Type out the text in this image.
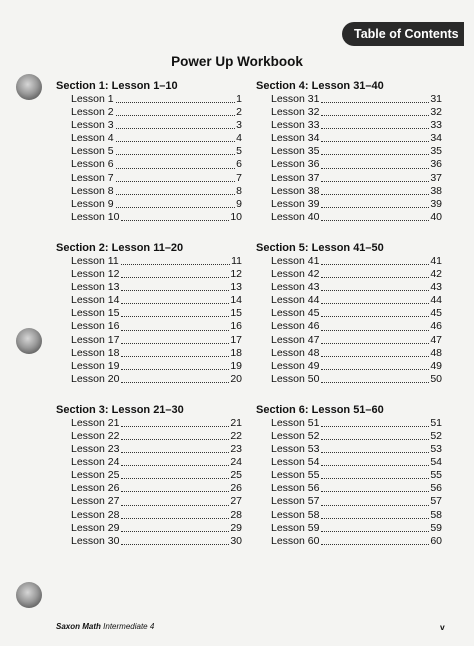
Table of Contents
Power Up Workbook
Section 1: Lesson 1–10
Lesson 1	1
Lesson 2	2
Lesson 3	3
Lesson 4	4
Lesson 5	5
Lesson 6	6
Lesson 7	7
Lesson 8	8
Lesson 9	9
Lesson 10	10
Section 2: Lesson 11–20
Lesson 11	11
Lesson 12	12
Lesson 13	13
Lesson 14	14
Lesson 15	15
Lesson 16	16
Lesson 17	17
Lesson 18	18
Lesson 19	19
Lesson 20	20
Section 3: Lesson 21–30
Lesson 21	21
Lesson 22	22
Lesson 23	23
Lesson 24	24
Lesson 25	25
Lesson 26	26
Lesson 27	27
Lesson 28	28
Lesson 29	29
Lesson 30	30
Section 4: Lesson 31–40
Lesson 31	31
Lesson 32	32
Lesson 33	33
Lesson 34	34
Lesson 35	35
Lesson 36	36
Lesson 37	37
Lesson 38	38
Lesson 39	39
Lesson 40	40
Section 5: Lesson 41–50
Lesson 41	41
Lesson 42	42
Lesson 43	43
Lesson 44	44
Lesson 45	45
Lesson 46	46
Lesson 47	47
Lesson 48	48
Lesson 49	49
Lesson 50	50
Section 6: Lesson 51–60
Lesson 51	51
Lesson 52	52
Lesson 53	53
Lesson 54	54
Lesson 55	55
Lesson 56	56
Lesson 57	57
Lesson 58	58
Lesson 59	59
Lesson 60	60
Saxon Math Intermediate 4	v
